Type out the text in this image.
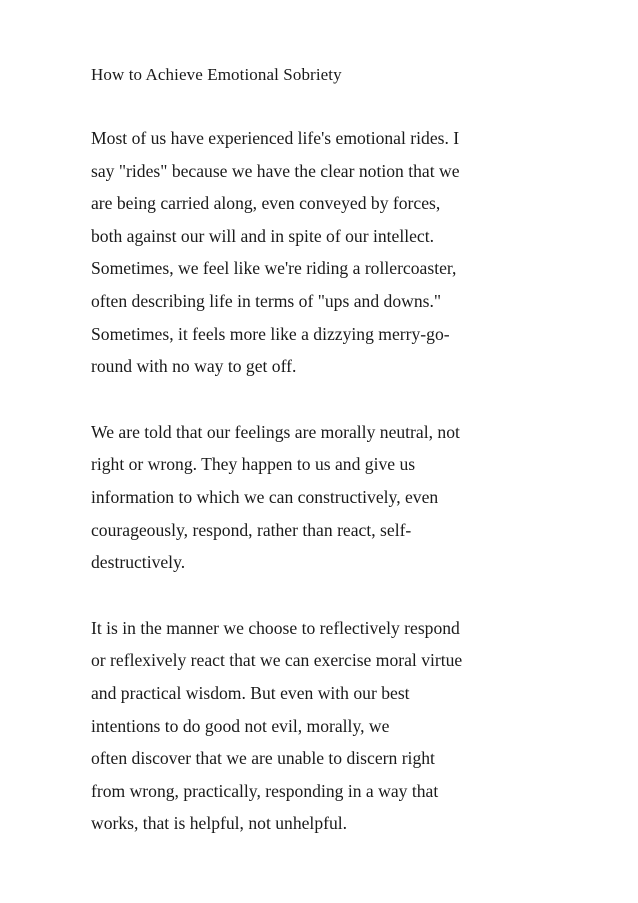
How to Achieve Emotional Sobriety

Most of us have experienced life's emotional rides. I
say "rides" because we have the clear notion that we
are being carried along, even conveyed by forces,
both against our will and in spite of our intellect.
Sometimes, we feel like we're riding a rollercoaster,
often describing life in terms of "ups and downs."
Sometimes, it feels more like a dizzying merry-go-
round with no way to get off.

We are told that our feelings are morally neutral, not
right or wrong. They happen to us and give us
information to which we can constructively, even
courageously, respond, rather than react, self-
destructively.

It is in the manner we choose to reflectively respond
or reflexively react that we can exercise moral virtue
and practical wisdom. But even with our best
intentions to do good not evil, morally, we
often discover that we are unable to discern right
from wrong, practically, responding in a way that
works, that is helpful, not unhelpful.
